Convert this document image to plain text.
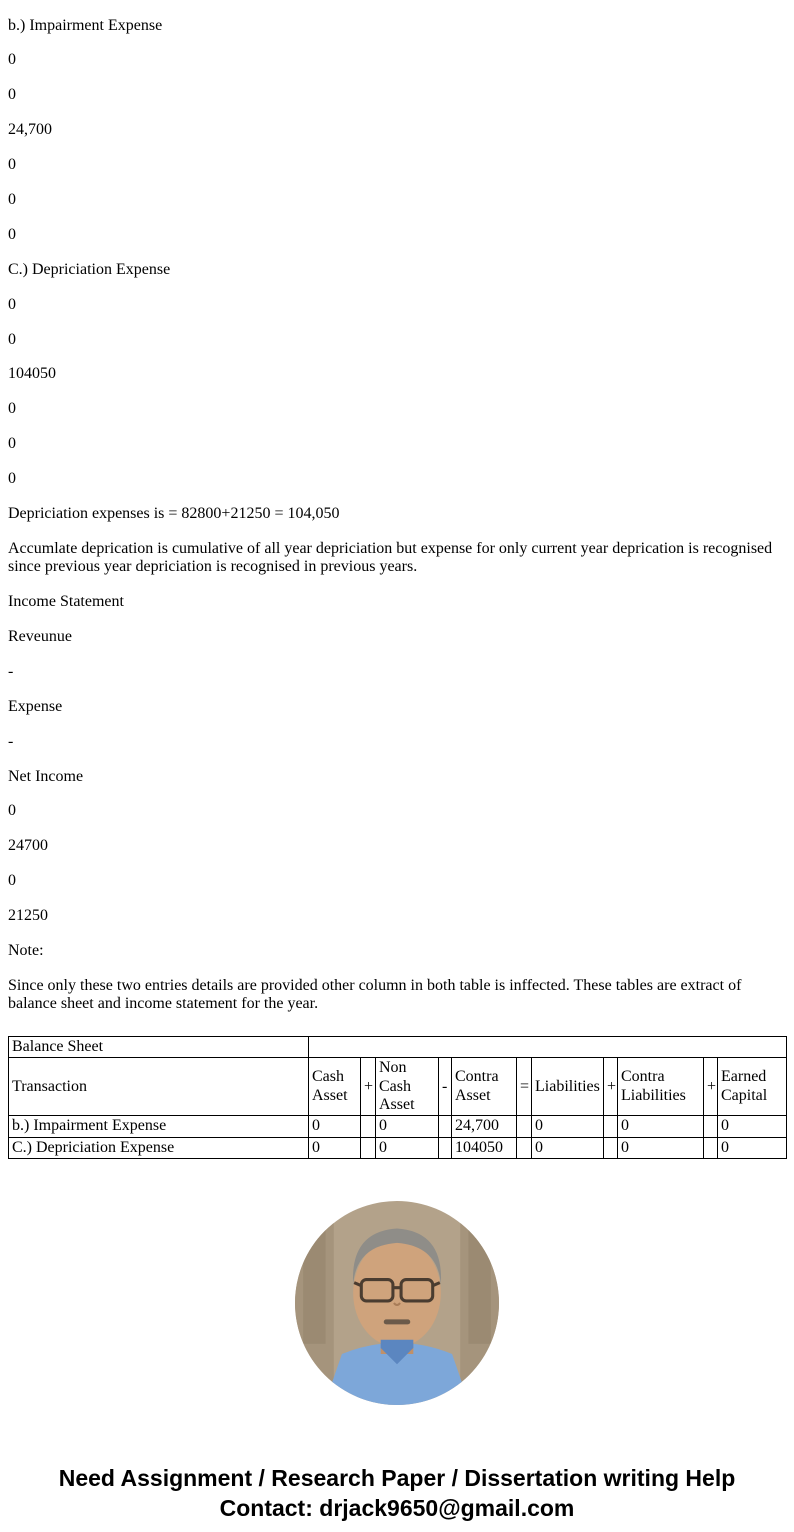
b.) Impairment Expense

0

0

24,700

0

0

0

C.) Depriciation Expense

0

0

104050

0

0

0

Depriciation expenses is = 82800+21250 = 104,050

Accumlate deprication is cumulative of all year depriciation but expense for only current year deprication is recognised since previous year depriciation is recognised in previous years.

Income Statement

Reveunue

-

Expense

-

Net Income

0

24700

0

21250

Note:

Since only these two entries details are provided other column in both table is inffected. These tables are extract of balance sheet and income statement for the year.

Balance Sheet											
Transaction	Cash Asset	+	Non Cash Asset	-	Contra Asset	=	Liabilities	+	Contra Liabilities	+	Earned Capital
b.) Impairment Expense	0		0		24,700		0		0		0
C.) Depriciation Expense	0		0		104050		0		0		0
Need Assignment / Research Paper / Dissertation writing Help
Contact: drjack9650@gmail.com
